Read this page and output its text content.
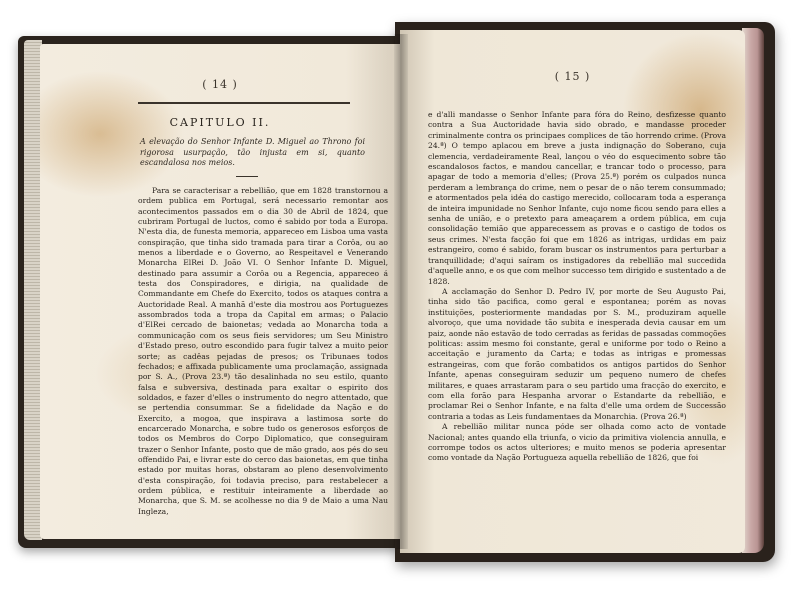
( 14 )
CAPITULO II.
A elevação do Senhor Infante D. Miguel ao Throno foi rigorosa usurpação, tão injusta em si, quanto escandalosa nos meios.

Para se caracterisar a rebellião, que em 1828 transtornou a ordem publica em Portugal, será necessario remontar aos acontecimentos passados em o dia 30 de Abril de 1824, que cubriram Portugal de luctos, como é sabido por toda a Europa. N'esta dia, de funesta memoria, appareceo em Lisboa uma vasta conspiração, que tinha sido tramada para tirar a Corôa, ou ao menos a liberdade e o Governo, ao Respeitavel e Venerando Monarcha ElRei D. João VI. O Senhor Infante D. Miguel, destinado para assumir a Corôa ou a Regencia, appareceo á testa dos Conspiradores, e dirigia, na qualidade de Commandante em Chefe do Exercito, todos os ataques contra a Auctoridade Real. A manhã d'este dia mostrou aos Portuguezes assombrados toda a tropa da Capital em armas; o Palacio d'ElRei cercado de baionetas; vedada ao Monarcha toda a communicação com os seus fieis servidores; um Seu Ministro d'Estado preso, outro escondido para fugir talvez a muito peior sorte; as cadêas pejadas de presos; os Tribunaes todos fechados; e affixada publicamente uma proclamação, assignada por S. A., (Prova 23.ª) tão desalinhada no seu estilo, quanto falsa e subversiva, destinada para exaltar o espirito dos soldados, e fazer d'elles o instrumento do negro attentado, que se pertendia consummar. Se a fidelidade da Nação e do Exercito, a mogoa, que inspirava a lastimosa sorte do encarcerado Monarcha, e sobre tudo os generosos esforços de todos os Membros do Corpo Diplomatico, que conseguiram trazer o Senhor Infante, posto que de mão grado, aos pés do seu offendido Pai, e livrar este do cerco das baionetas, em que tinha estado por muitas horas, obstaram ao pleno desenvolvimento d'esta conspiração, foi todavia preciso, para restabelecer a ordem pública, e restituir inteiramente a liberdade ao Monarcha, que S. M. se acolhesse no dia 9 de Maio a uma Nau Ingleza,

( 15 )

e d'alli mandasse o Senhor Infante para fóra do Reino, desfizesse quanto contra a Sua Auctoridade havia sido obrado, e mandasse proceder criminalmente contra os principaes complices de tão horrendo crime. (Prova 24.ª) O tempo aplacou em breve a justa indignação do Soberano, cuja clemencia, verdadeiramente Real, lançou o véo do esquecimento sobre tão escandalosos factos, e mandou cancellar, e trancar todo o processo, para apagar de todo a memoria d'elles; (Prova 25.ª) porém os culpados nunca perderam a lembrança do crime, nem o pesar de o não terem consummado; e atormentados pela idéa do castigo merecido, collocaram toda a esperança de inteira impunidade no Senhor Infante, cujo nome ficou sendo para elles a senha de união, e o pretexto para ameaçarem a ordem pública, em cuja consolidação temião que apparecessem as provas e o castigo de todos os seus crimes. N'esta facção foi que em 1826 as intrigas, urdidas em paiz estrangeiro, como é sabido, foram buscar os instrumentos para perturbar a tranquillidade; d'aqui saíram os instigadores da rebellião mal succedida d'aquelle anno, e os que com melhor successo tem dirigido e sustentado a de 1828.

A acclamação do Senhor D. Pedro IV, por morte de Seu Augusto Pai, tinha sido tão pacifica, como geral e espontanea; porém as novas instituições, posteriormente mandadas por S. M., produziram aquelle alvoroço, que uma novidade tão subita e inesperada devia causar em um paiz, aonde não estavão de todo cerradas as feridas de passadas commoções politicas: assim mesmo foi constante, geral e uniforme por todo o Reino a acceitação e juramento da Carta; e todas as intrigas e promessas estrangeiras, com que forão combatidos os antigos partidos do Senhor Infante, apenas conseguiram seduzir um pequeno numero de chefes militares, e quaes arrastaram para o seu partido uma fracção do exercito, e com ella forão para Hespanha arvorar o Estandarte da rebellião, e proclamar Rei o Senhor Infante, e na falta d'elle uma ordem de Successão contraria a todas as Leis fundamentaes da Monarchia. (Prova 26.ª)

A rebellião militar nunca póde ser olhada como acto de vontade Nacional; antes quando ella triunfa, o vicio da primitiva violencia annulla, e corrompe todos os actos ulteriores; e muito menos se poderia apresentar como vontade da Nação Portugueza aquella rebellião de 1826, que foi
